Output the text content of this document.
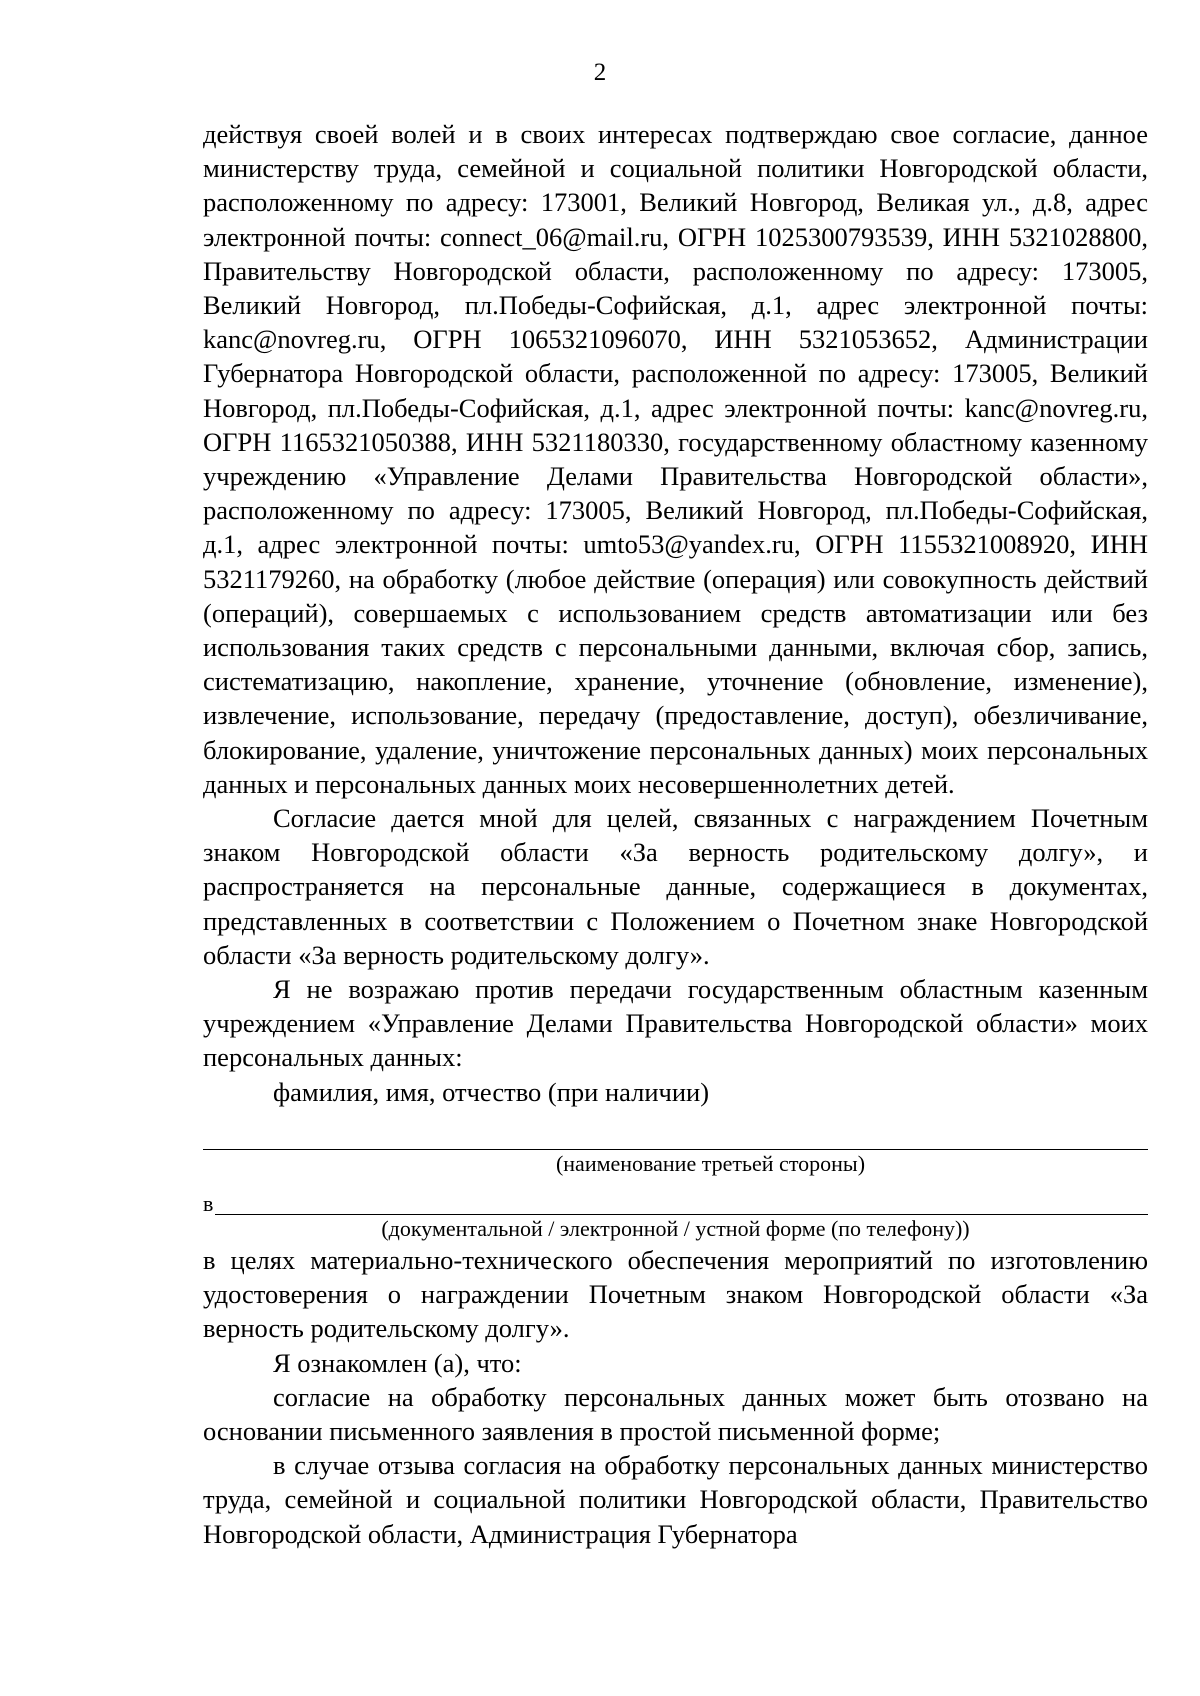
2

действуя своей волей и в своих интересах подтверждаю свое согласие, данное министерству труда, семейной и социальной политики Новгородской области, расположенному по адресу: 173001, Великий Новгород, Великая ул., д.8, адрес электронной почты: connect_06@mail.ru, ОГРН 1025300793539, ИНН 5321028800, Правительству Новгородской области, расположенному по адресу: 173005, Великий Новгород, пл.Победы-Софийская, д.1, адрес электронной почты: kanc@novreg.ru, ОГРН 1065321096070, ИНН 5321053652, Администрации Губернатора Новгородской области, расположенной по адресу: 173005, Великий Новгород, пл.Победы-Софийская, д.1, адрес электронной почты: kanc@novreg.ru, ОГРН 1165321050388, ИНН 5321180330, государственному областному казенному учреждению «Управление Делами Правительства Новгородской области», расположенному по адресу: 173005, Великий Новгород, пл.Победы-Софийская, д.1, адрес электронной почты: umto53@yandex.ru, ОГРН 1155321008920, ИНН 5321179260, на обработку (любое действие (операция) или совокупность действий (операций), совершаемых с использованием средств автоматизации или без использования таких средств с персональными данными, включая сбор, запись, систематизацию, накопление, хранение, уточнение (обновление, изменение), извлечение, использование, передачу (предоставление, доступ), обезличивание, блокирование, удаление, уничтожение персональных данных) моих персональных данных и персональных данных моих несовершеннолетних детей.

Согласие дается мной для целей, связанных с награждением Почетным знаком Новгородской области «За верность родительскому долгу», и распространяется на персональные данные, содержащиеся в документах, представленных в соответствии с Положением о Почетном знаке Новгородской области «За верность родительскому долгу».

Я не возражаю против передачи государственным областным казенным учреждением «Управление Делами Правительства Новгородской области» моих персональных данных:

фамилия, имя, отчество (при наличии)

(наименование третьей стороны)
в
(документальной / электронной / устной форме (по телефону))

в целях материально-технического обеспечения мероприятий по изготовлению удостоверения о награждении Почетным знаком Новгородской области «За верность родительскому долгу».

Я ознакомлен (а), что:

согласие на обработку персональных данных может быть отозвано на основании письменного заявления в простой письменной форме;

в случае отзыва согласия на обработку персональных данных министерство труда, семейной и социальной политики Новгородской области, Правительство Новгородской области, Администрация Губернатора
